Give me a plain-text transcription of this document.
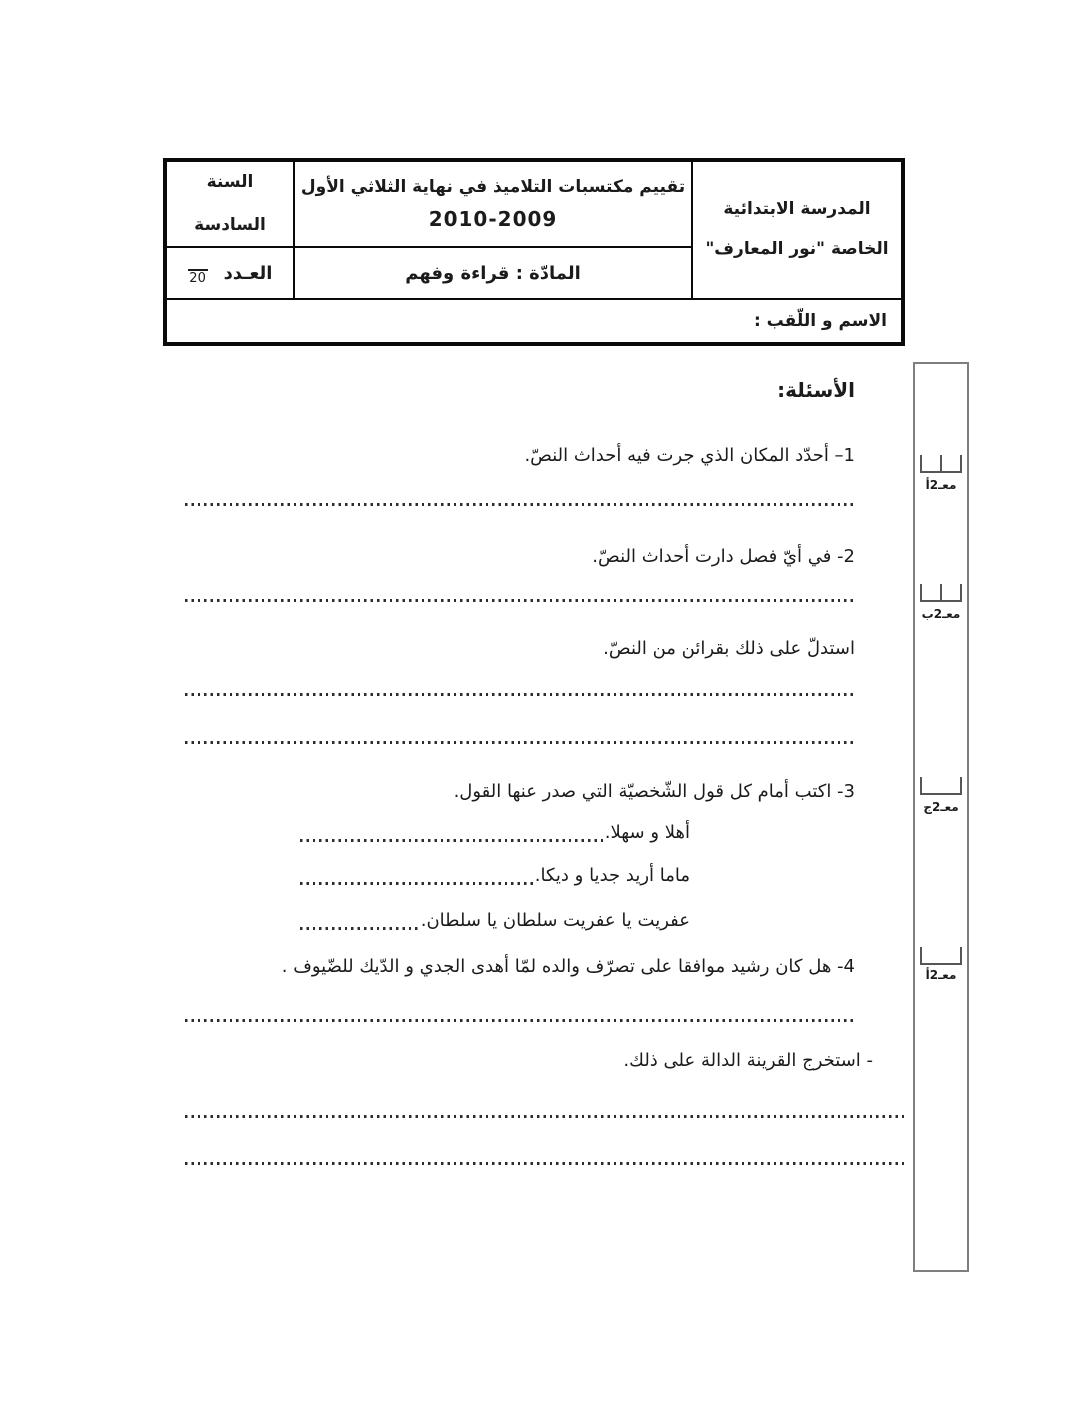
المدرسة الابتدائية
الخاصة "نور المعارف"
تقييم مكتسبات التلاميذ في نهاية الثلاثي الأول
2010-2009
السنة
السادسة
المادّة : قراءة وفهم
العـدد
20
الاسم و اللّقب :
الأسئلة:
1– أحدّد المكان الذي جرت فيه أحداث النصّ.
2- في أيّ فصل دارت أحداث النصّ.
استدلّ على ذلك بقرائن من النصّ.
3- اكتب أمام كل قول الشّخصيّة التي صدر عنها القول.
أهلا و سهلا.
ماما أريد جديا و ديكا.
عفريت يا عفريت سلطان يا سلطان.
4- هل كان رشيد موافقا على تصرّف والده لمّا أهدى الجدي و الدّيك للضّيوف .
- استخرج القرينة الدالة على ذلك.
معـ2أ
معـ2ب
معـ2ج
معـ2أ
